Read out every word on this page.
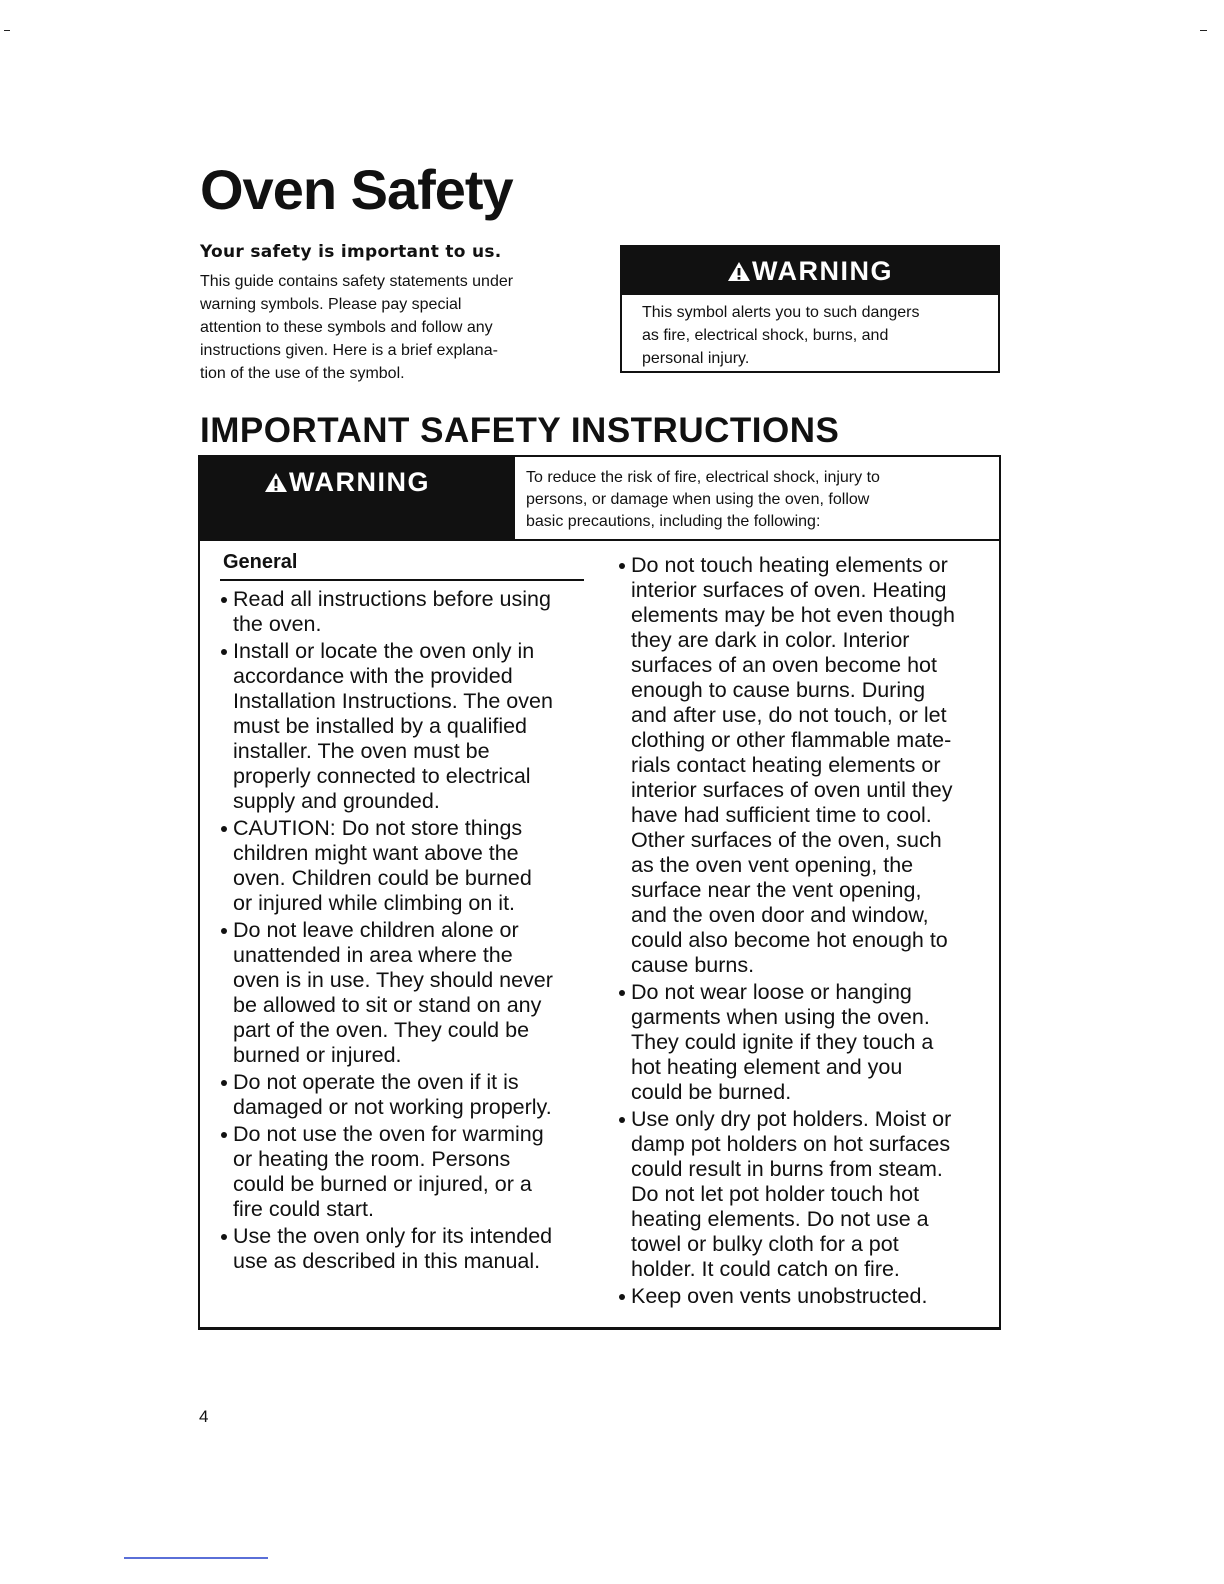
Oven Safety
Your safety is important to us.
This guide contains safety statements under
warning symbols. Please pay special
attention to these symbols and follow any
instructions given. Here is a brief explana-
tion of the use of the symbol.
WARNING
This symbol alerts you to such dangers
as fire, electrical shock, burns, and
personal injury.
IMPORTANT SAFETY INSTRUCTIONS
WARNING	To reduce the risk of fire, electrical shock, injury to
persons, or damage when using the oven, follow
basic precautions, including the following:
General
Read all instructions before using
the oven.
Install or locate the oven only in
accordance with the provided
Installation Instructions. The oven
must be installed by a qualified
installer. The oven must be
properly connected to electrical
supply and grounded.
CAUTION: Do not store things
children might want above the
oven. Children could be burned
or injured while climbing on it.
Do not leave children alone or
unattended in area where the
oven is in use. They should never
be allowed to sit or stand on any
part of the oven. They could be
burned or injured.
Do not operate the oven if it is
damaged or not working properly.
Do not use the oven for warming
or heating the room. Persons
could be burned or injured, or a
fire could start.
Use the oven only for its intended
use as described in this manual.
Do not touch heating elements or
interior surfaces of oven. Heating
elements may be hot even though
they are dark in color. Interior
surfaces of an oven become hot
enough to cause burns. During
and after use, do not touch, or let
clothing or other flammable mate-
rials contact heating elements or
interior surfaces of oven until they
have had sufficient time to cool.
Other surfaces of the oven, such
as the oven vent opening, the
surface near the vent opening,
and the oven door and window,
could also become hot enough to
cause burns.
Do not wear loose or hanging
garments when using the oven.
They could ignite if they touch a
hot heating element and you
could be burned.
Use only dry pot holders. Moist or
damp pot holders on hot surfaces
could result in burns from steam.
Do not let pot holder touch hot
heating elements. Do not use a
towel or bulky cloth for a pot
holder. It could catch on fire.
Keep oven vents unobstructed.
4
